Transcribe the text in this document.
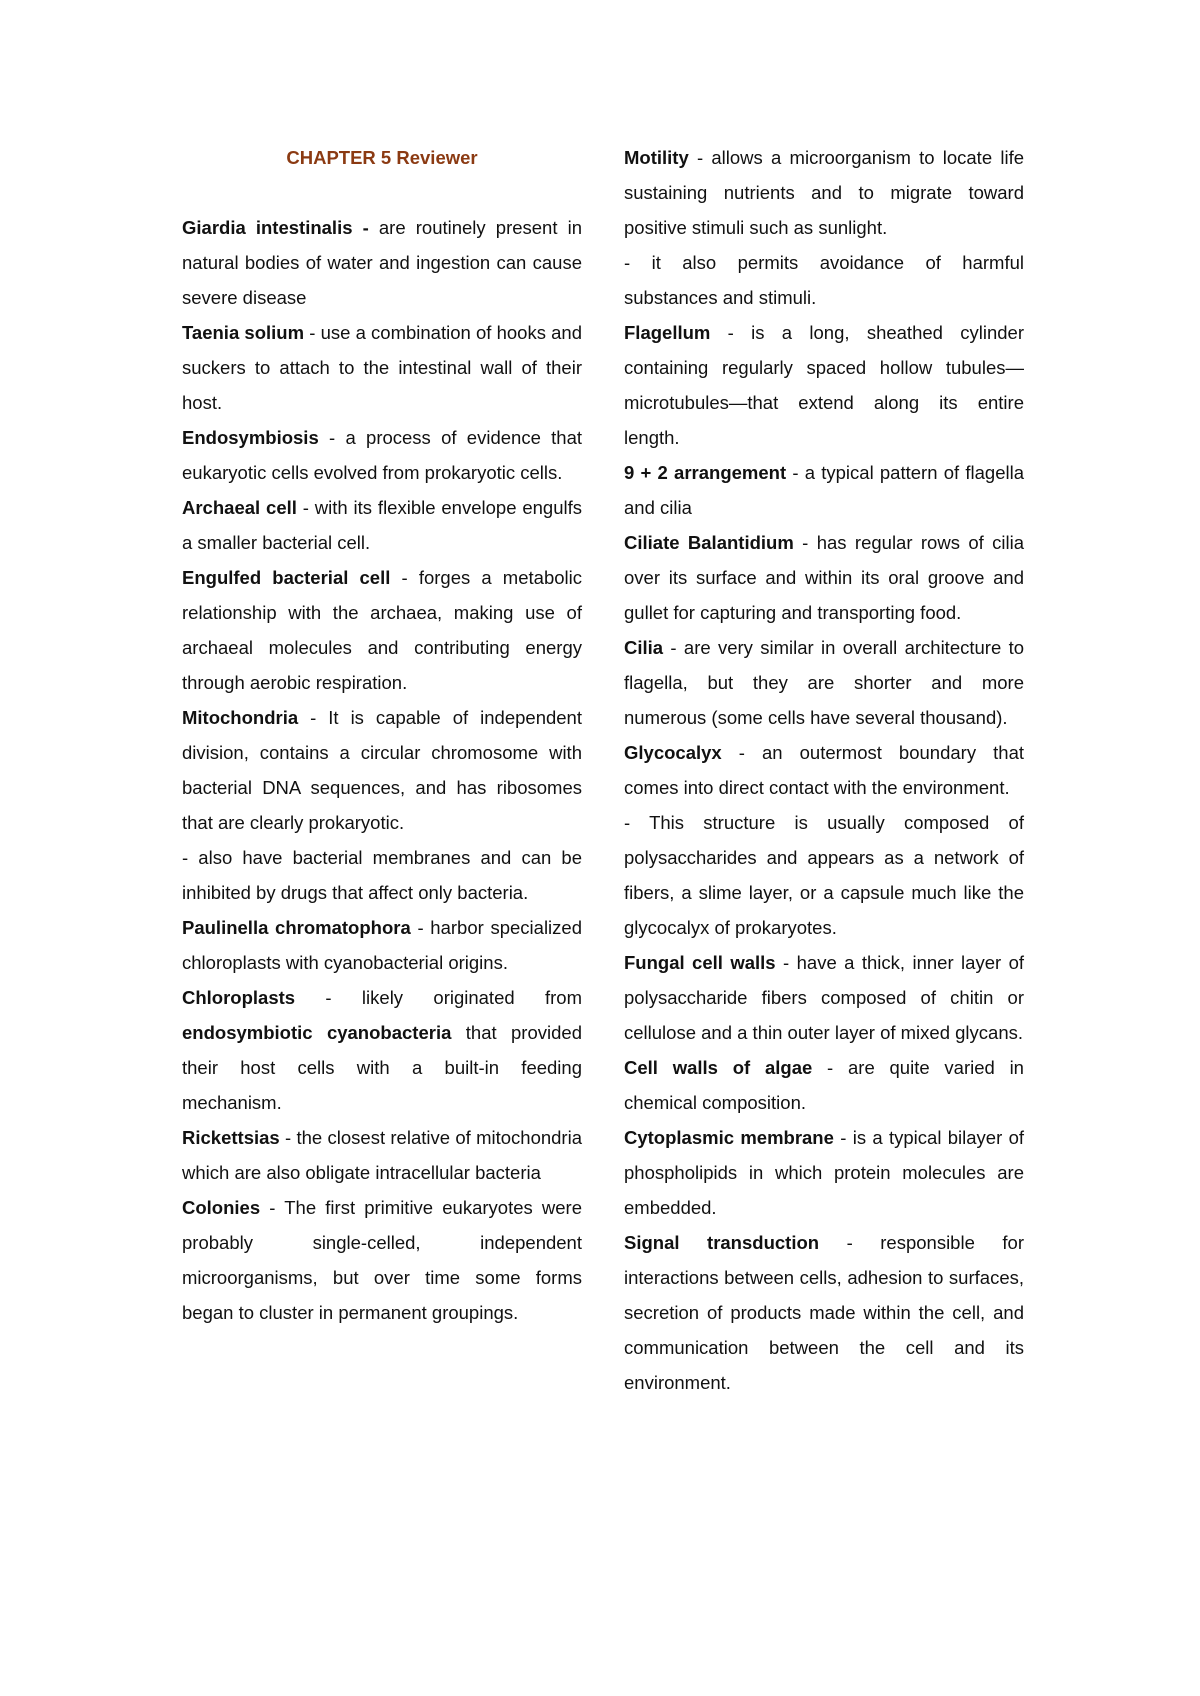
CHAPTER 5 Reviewer

Giardia intestinalis - are routinely present in natural bodies of water and ingestion can cause severe disease

Taenia solium - use a combination of hooks and suckers to attach to the intestinal wall of their host.

Endosymbiosis - a process of evidence that eukaryotic cells evolved from prokaryotic cells.

Archaeal cell - with its flexible envelope engulfs a smaller bacterial cell.

Engulfed bacterial cell - forges a metabolic relationship with the archaea, making use of archaeal molecules and contributing energy through aerobic respiration.

Mitochondria - It is capable of independent division, contains a circular chromosome with bacterial DNA sequences, and has ribosomes that are clearly prokaryotic.

- also have bacterial membranes and can be inhibited by drugs that affect only bacteria.

Paulinella chromatophora - harbor specialized chloroplasts with cyanobacterial origins.

Chloroplasts - likely originated from endosymbiotic cyanobacteria that provided their host cells with a built-in feeding mechanism.

Rickettsias - the closest relative of mitochondria which are also obligate intracellular bacteria

Colonies - The first primitive eukaryotes were probably single-celled, independent microorganisms, but over time some forms began to cluster in permanent groupings.

Motility - allows a microorganism to locate life sustaining nutrients and to migrate toward positive stimuli such as sunlight.

- it also permits avoidance of harmful substances and stimuli.

Flagellum - is a long, sheathed cylinder containing regularly spaced hollow tubules—microtubules—that extend along its entire length.

9 + 2 arrangement - a typical pattern of flagella and cilia

Ciliate Balantidium - has regular rows of cilia over its surface and within its oral groove and gullet for capturing and transporting food.

Cilia - are very similar in overall architecture to flagella, but they are shorter and more numerous (some cells have several thousand).

Glycocalyx - an outermost boundary that comes into direct contact with the environment.

- This structure is usually composed of polysaccharides and appears as a network of fibers, a slime layer, or a capsule much like the glycocalyx of prokaryotes.

Fungal cell walls - have a thick, inner layer of polysaccharide fibers composed of chitin or cellulose and a thin outer layer of mixed glycans.

Cell walls of algae - are quite varied in chemical composition.

Cytoplasmic membrane - is a typical bilayer of phospholipids in which protein molecules are embedded.

Signal transduction - responsible for interactions between cells, adhesion to surfaces, secretion of products made within the cell, and communication between the cell and its environment.
